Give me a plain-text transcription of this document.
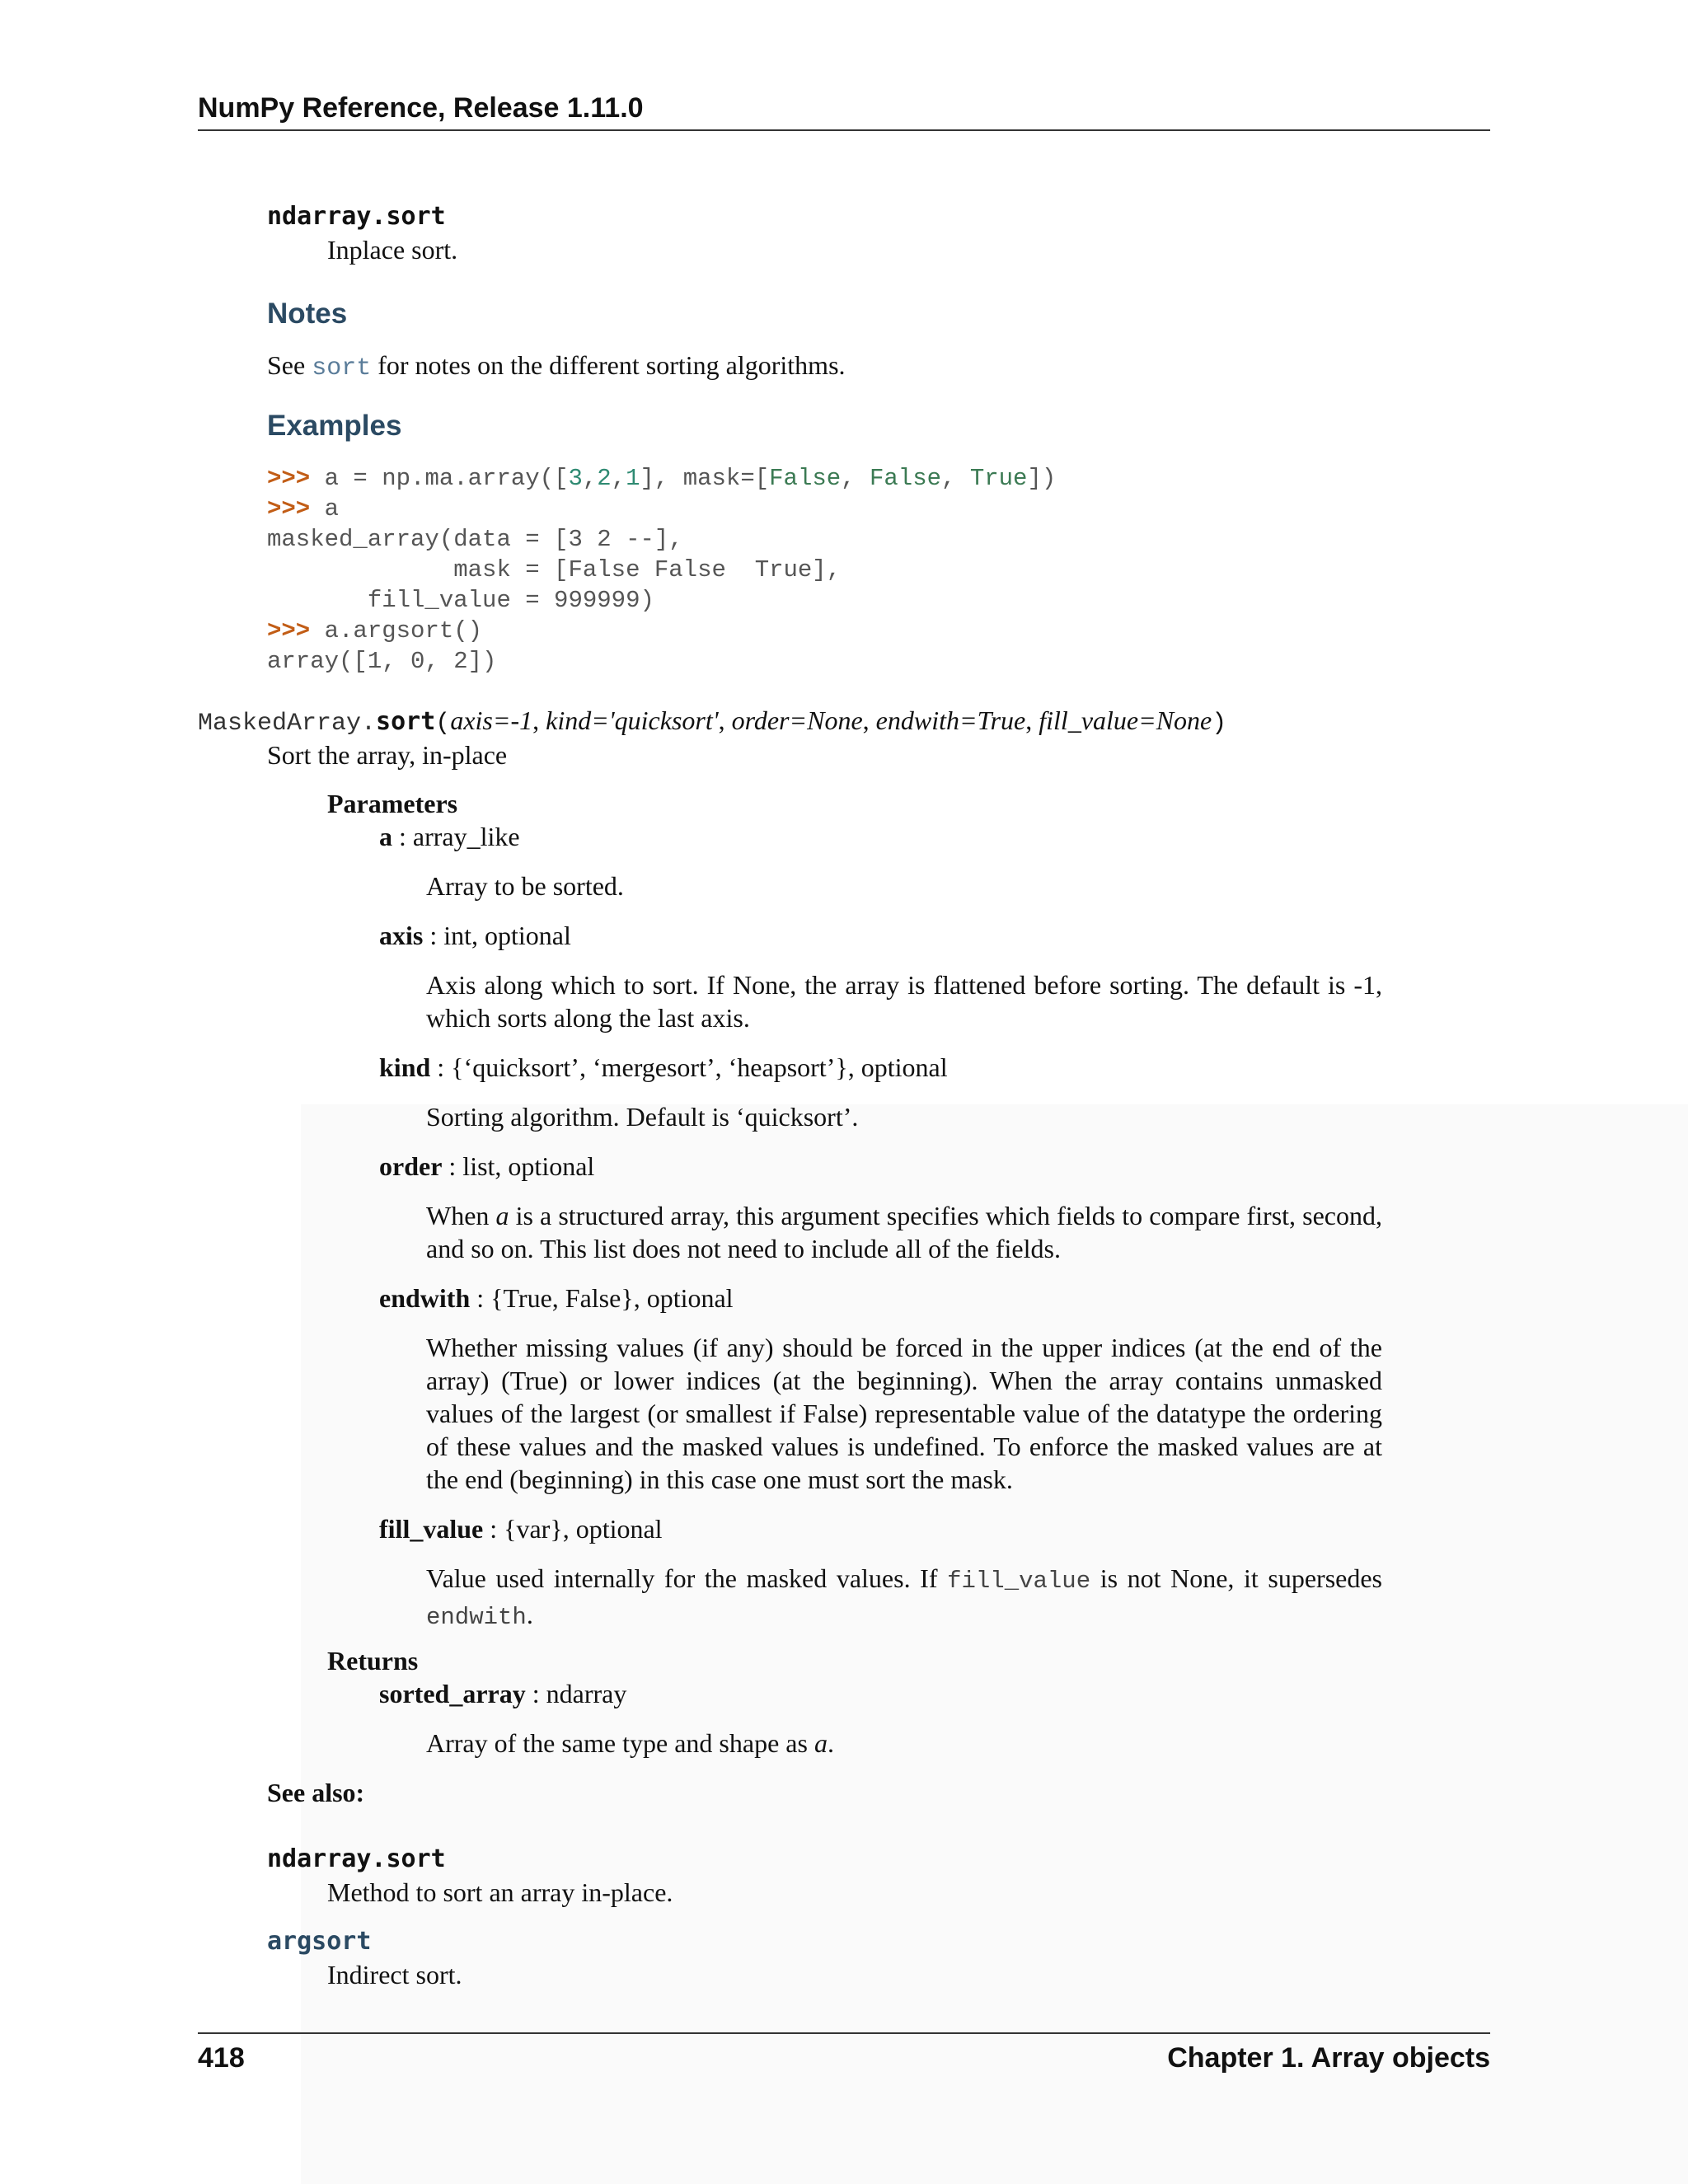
NumPy Reference, Release 1.11.0
ndarray.sort
Inplace sort.
Notes
See sort for notes on the different sorting algorithms.
Examples
>>> a = np.ma.array([3,2,1], mask=[False, False, True])
>>> a
masked_array(data = [3 2 --],
mask = [False False  True],
fill_value = 999999)
>>> a.argsort()
array([1, 0, 2])
MaskedArray.sort(axis=-1, kind='quicksort', order=None, endwith=True, fill_value=None)
Sort the array, in-place
Parameters
a : array_like
Array to be sorted.
axis : int, optional
Axis along which to sort. If None, the array is flattened before sorting. The default is -1, which sorts along the last axis.
kind : {‘quicksort’, ‘mergesort’, ‘heapsort’}, optional
Sorting algorithm. Default is ‘quicksort’.
order : list, optional
When a is a structured array, this argument specifies which fields to compare first, second, and so on. This list does not need to include all of the fields.
endwith : {True, False}, optional
Whether missing values (if any) should be forced in the upper indices (at the end of the array) (True) or lower indices (at the beginning). When the array contains unmasked values of the largest (or smallest if False) representable value of the datatype the ordering of these values and the masked values is undefined. To enforce the masked values are at the end (beginning) in this case one must sort the mask.
fill_value : {var}, optional
Value used internally for the masked values. If fill_value is not None, it supersedes endwith.
Returns
sorted_array : ndarray
Array of the same type and shape as a.
See also:
ndarray.sort
Method to sort an array in-place.
argsort
Indirect sort.
418	Chapter 1. Array objects
